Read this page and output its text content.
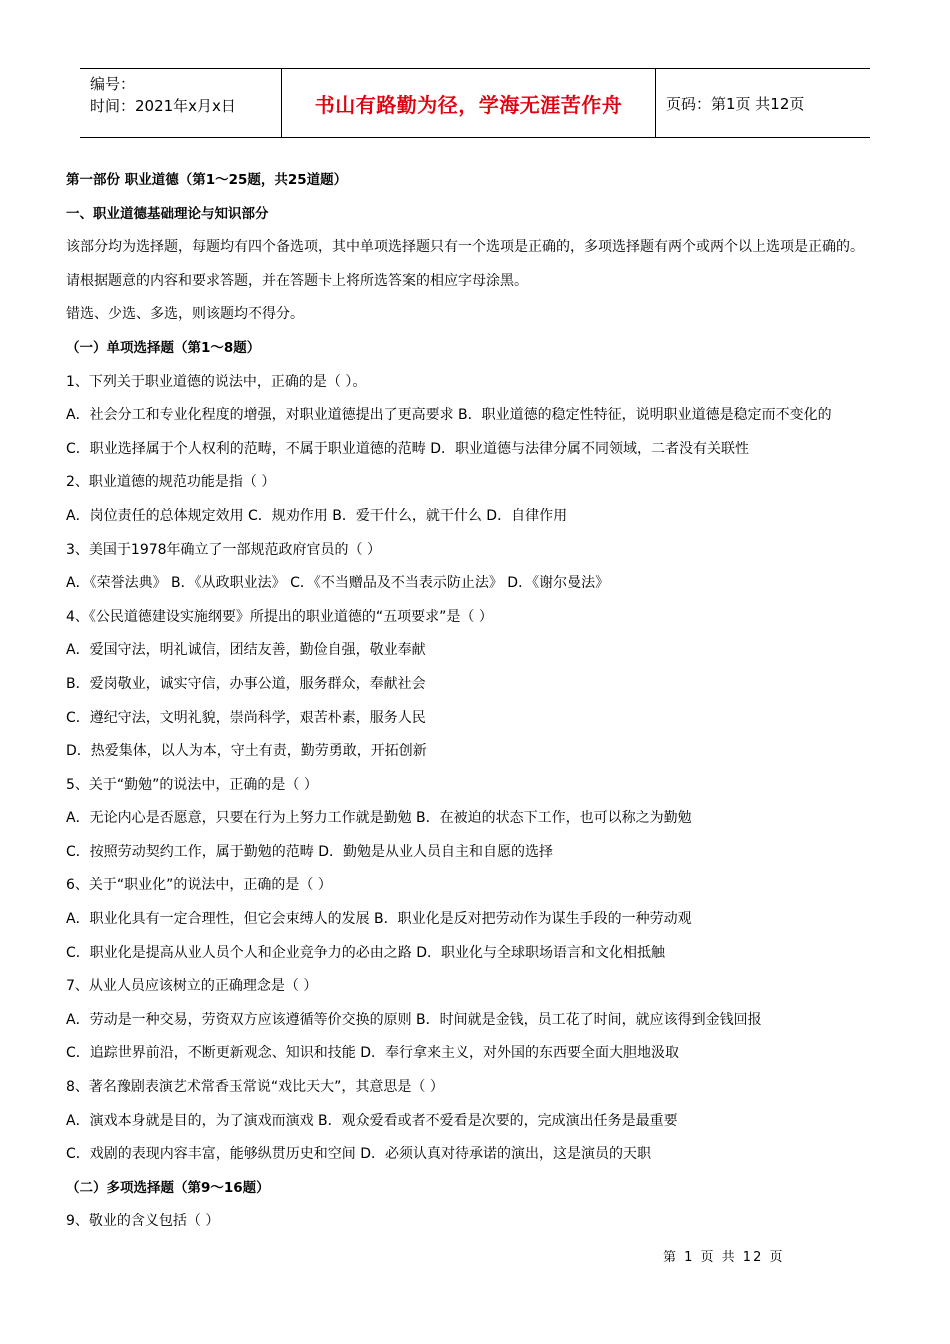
编号：
时间：2021年x月x日	书山有路勤为径，学海无涯苦作舟	页码：第1页 共12页
第一部份 职业道德（第1～25题，共25道题）
一、职业道德基础理论与知识部分
该部分均为选择题，每题均有四个备选项，其中单项选择题只有一个选项是正确的，多项选择题有两个或两个以上选项是正确的。
请根据题意的内容和要求答题，并在答题卡上将所选答案的相应字母涂黑。
错选、少选、多选，则该题均不得分。
（一）单项选择题（第1～8题）
1、下列关于职业道德的说法中，正确的是（ ）。
A．社会分工和专业化程度的增强，对职业道德提出了更高要求 B．职业道德的稳定性特征，说明职业道德是稳定而不变化的
C．职业选择属于个人权利的范畴，不属于职业道德的范畴 D．职业道德与法律分属不同领域，二者没有关联性
2、职业道德的规范功能是指（ ）
A．岗位责任的总体规定效用 C．规劝作用 B．爱干什么，就干什么 D．自律作用
3、美国于1978年确立了一部规范政府官员的（ ）
A．《荣誉法典》 B．《从政职业法》 C．《不当赠品及不当表示防止法》 D．《谢尔曼法》
4、《公民道德建设实施纲要》所提出的职业道德的“五项要求”是（ ）
A．爱国守法，明礼诚信，团结友善，勤俭自强，敬业奉献
B．爱岗敬业，诚实守信，办事公道，服务群众，奉献社会
C．遵纪守法，文明礼貌，崇尚科学，艰苦朴素，服务人民
D．热爱集体，以人为本，守土有责，勤劳勇敢，开拓创新
5、关于“勤勉”的说法中，正确的是（ ）
A．无论内心是否愿意，只要在行为上努力工作就是勤勉 B．在被迫的状态下工作，也可以称之为勤勉
C．按照劳动契约工作，属于勤勉的范畴 D．勤勉是从业人员自主和自愿的选择
6、关于“职业化”的说法中，正确的是（ ）
A．职业化具有一定合理性，但它会束缚人的发展 B．职业化是反对把劳动作为谋生手段的一种劳动观
C．职业化是提高从业人员个人和企业竞争力的必由之路 D．职业化与全球职场语言和文化相抵触
7、从业人员应该树立的正确理念是（ ）
A．劳动是一种交易，劳资双方应该遵循等价交换的原则 B．时间就是金钱，员工花了时间，就应该得到金钱回报
C．追踪世界前沿，不断更新观念、知识和技能 D．奉行拿来主义，对外国的东西要全面大胆地汲取
8、著名豫剧表演艺术常香玉常说“戏比天大”，其意思是（ ）
A．演戏本身就是目的，为了演戏而演戏 B．观众爱看或者不爱看是次要的，完成演出任务是最重要
C．戏剧的表现内容丰富，能够纵贯历史和空间 D．必须认真对待承诺的演出，这是演员的天职
（二）多项选择题（第9～16题）
9、敬业的含义包括（ ）
第 1 页 共 12 页
